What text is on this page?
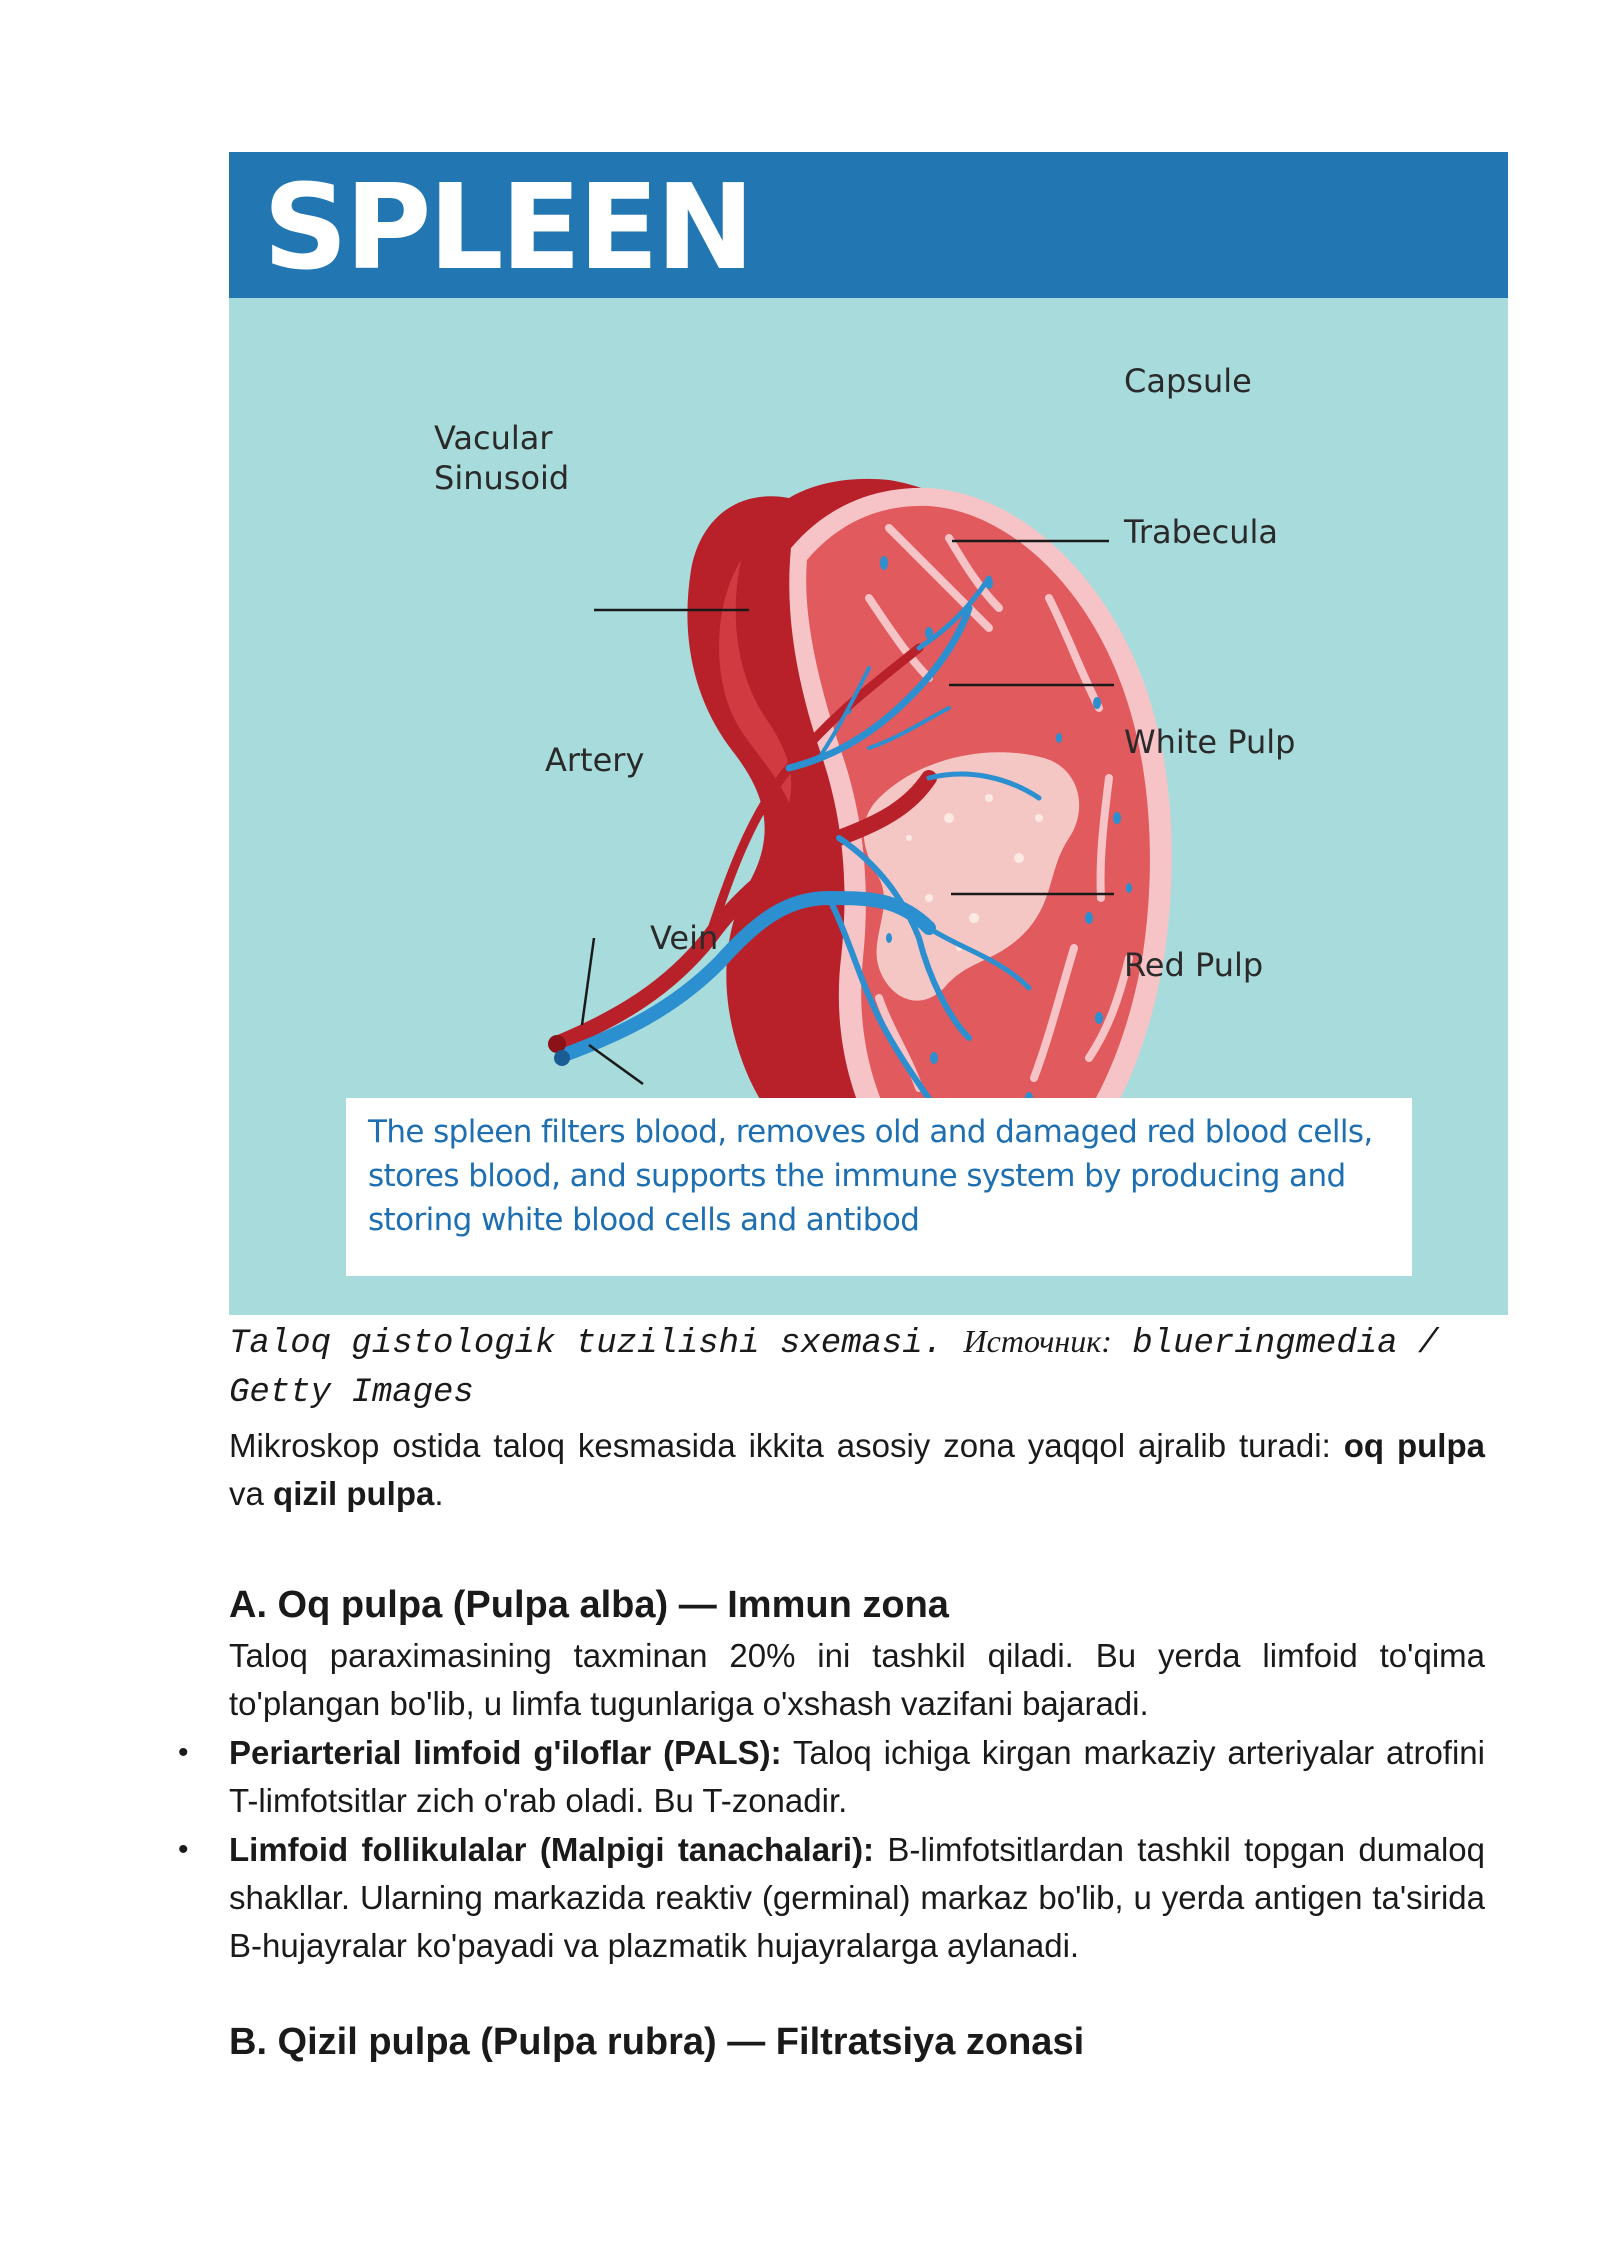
SPLEEN
Capsule
Vacular
Sinusoid
Trabecula
White Pulp
Artery
Vein
Red Pulp
The spleen filters blood, removes old and damaged red blood cells, stores blood, and supports the immune system by producing and storing white blood cells and antibod
Taloq gistologik tuzilishi sxemasi. Источник: blueringmedia / Getty Images
Mikroskop ostida taloq kesmasida ikkita asosiy zona yaqqol ajralib turadi: oq pulpa va qizil pulpa.
A. Oq pulpa (Pulpa alba) — Immun zona
Taloq paraximasining taxminan 20% ini tashkil qiladi. Bu yerda limfoid to'qima to'plangan bo'lib, u limfa tugunlariga o'xshash vazifani bajaradi.
• Periarterial limfoid g'iloflar (PALS): Taloq ichiga kirgan markaziy arteriyalar atrofini T-limfotsitlar zich o'rab oladi. Bu T-zonadir.
• Limfoid follikulalar (Malpigi tanachalari): B-limfotsitlardan tashkil topgan dumaloq shakllar. Ularning markazida reaktiv (germinal) markaz bo'lib, u yerda antigen ta'sirida B-hujayralar ko'payadi va plazmatik hujayralarga aylanadi.
B. Qizil pulpa (Pulpa rubra) — Filtratsiya zonasi
